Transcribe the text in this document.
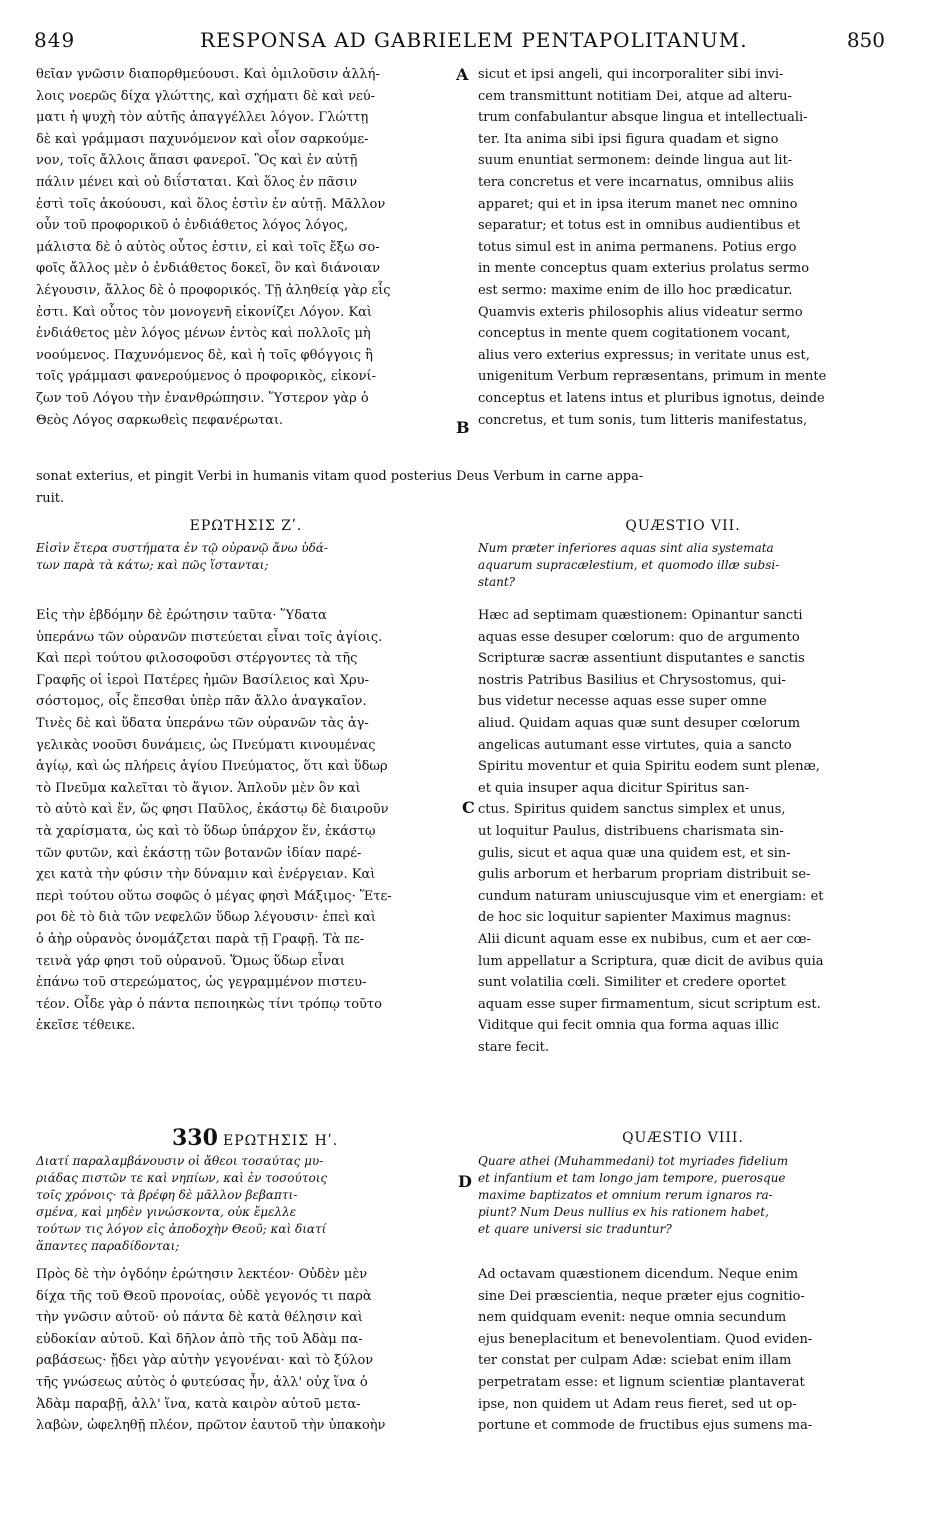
849	RESPONSA AD GABRIELEM PENTAPOLITANUM.	850
A
B
C
D
θεῖαν γνῶσιν διαπορθμεύουσι. Καὶ ὁμιλοῦσιν ἀλλή-
λοις νοερῶς δίχα γλώττης, καὶ σχήματι δὲ καὶ νεύ-
ματι ἡ ψυχὴ τὸν αὐτῆς ἀπαγγέλλει λόγον. Γλώττῃ
δὲ καὶ γράμμασι παχυνόμενον καὶ οἷον σαρκούμε-
νον, τοῖς ἄλλοις ἅπασι φανεροῖ. Ὃς καὶ ἐν αὐτῇ
πάλιν μένει καὶ οὐ διΐσταται. Καὶ ὅλος ἐν πᾶσιν
ἐστὶ τοῖς ἀκούουσι, καὶ ὅλος ἐστὶν ἐν αὐτῇ. Μᾶλλον
οὖν τοῦ προφορικοῦ ὁ ἐνδιάθετος λόγος λόγος,
μάλιστα δὲ ὁ αὐτὸς οὗτος ἐστιν, εἰ καὶ τοῖς ἔξω σο-
φοῖς ἄλλος μὲν ὁ ἐνδιάθετος δοκεῖ, ὃν καὶ διάνοιαν
λέγουσιν, ἄλλος δὲ ὁ προφορικός. Τῇ ἀληθείᾳ γὰρ εἷς
ἐστι. Καὶ οὗτος τὸν μονογενῆ εἰκονίζει Λόγον. Καὶ
ἐνδιάθετος μὲν λόγος μένων ἐντὸς καὶ πολλοῖς μὴ
νοούμενος. Παχυνόμενος δὲ, καὶ ἡ τοῖς φθόγγοις ἢ
τοῖς γράμμασι φανερούμενος ὁ προφορικὸς, εἰκονί-
ζων τοῦ Λόγου τὴν ἐνανθρώπησιν. Ὕστερον γὰρ ὁ
Θεὸς Λόγος σαρκωθεὶς πεφανέρωται.
sicut et ipsi angeli, qui incorporaliter sibi invi-
cem transmittunt notitiam Dei, atque ad alteru-
trum confabulantur absque lingua et intellectuali-
ter. Ita anima sibi ipsi figura quadam et signo
suum enuntiat sermonem: deinde lingua aut lit-
tera concretus et vere incarnatus, omnibus aliis
apparet; qui et in ipsa iterum manet nec omnino
separatur; et totus est in omnibus audientibus et
totus simul est in anima permanens. Potius ergo
in mente conceptus quam exterius prolatus sermo
est sermo: maxime enim de illo hoc prædicatur.
Quamvis exteris philosophis alius videatur sermo
conceptus in mente quem cogitationem vocant,
alius vero exterius expressus; in veritate unus est,
unigenitum Verbum repræsentans, primum in mente
conceptus et latens intus et pluribus ignotus, deinde
concretus, et tum sonis, tum litteris manifestatus,
sonat exterius, et pingit Verbi in humanis vitam quod posterius Deus Verbum in carne appa-
ruit.
ΕΡΩΤΗΣΙΣ Ζʹ.	QUÆSTIO VII.
Εἰσὶν ἕτερα συστήματα ἐν τῷ οὐρανῷ ἄνω ὑδά-
των παρὰ τὰ κάτω; καὶ πῶς ἵστανται;
Num præter inferiores aquas sint alia systemata
aquarum supracælestium, et quomodo illæ subsi-
stant?
Εἰς τὴν ἑβδόμην δὲ ἐρώτησιν ταῦτα· Ὕδατα
ὑπεράνω τῶν οὐρανῶν πιστεύεται εἶναι τοῖς ἁγίοις.
Καὶ περὶ τούτου φιλοσοφοῦσι στέργοντες τὰ τῆς
Γραφῆς οἱ ἱεροὶ Πατέρες ἡμῶν Βασίλειος καὶ Χρυ-
σόστομος, οἷς ἔπεσθαι ὑπὲρ πᾶν ἄλλο ἀναγκαῖον.
Τινὲς δὲ καὶ ὕδατα ὑπεράνω τῶν οὐρανῶν τὰς ἀγ-
γελικὰς νοοῦσι δυνάμεις, ὡς Πνεύματι κινουμένας
ἁγίῳ, καὶ ὡς πλήρεις ἁγίου Πνεύματος, ὅτι καὶ ὕδωρ
τὸ Πνεῦμα καλεῖται τὸ ἅγιον. Ἁπλοῦν μὲν ὂν καὶ
τὸ αὐτὸ καὶ ἕν, ὥς φησι Παῦλος, ἑκάστῳ δὲ διαιροῦν
τὰ χαρίσματα, ὡς καὶ τὸ ὕδωρ ὑπάρχον ἕν, ἑκάστῳ
τῶν φυτῶν, καὶ ἑκάστῃ τῶν βοτανῶν ἰδίαν παρέ-
χει κατὰ τὴν φύσιν τὴν δύναμιν καὶ ἐνέργειαν. Καὶ
περὶ τούτου οὕτω σοφῶς ὁ μέγας φησὶ Μάξιμος· Ἕτε-
ροι δὲ τὸ διὰ τῶν νεφελῶν ὕδωρ λέγουσιν· ἐπεὶ καὶ
ὁ ἀὴρ οὐρανὸς ὀνομάζεται παρὰ τῇ Γραφῇ. Τὰ πε-
τεινὰ γάρ φησι τοῦ οὐρανοῦ. Ὅμως ὕδωρ εἶναι
ἐπάνω τοῦ στερεώματος, ὡς γεγραμμένον πιστευ-
τέον. Οἶδε γὰρ ὁ πάντα πεποιηκὼς τίνι τρόπῳ τοῦτο
ἐκεῖσε τέθεικε.
Hæc ad septimam quæstionem: Opinantur sancti
aquas esse desuper cœlorum: quo de argumento
Scripturæ sacræ assentiunt disputantes e sanctis
nostris Patribus Basilius et Chrysostomus, qui-
bus videtur necesse aquas esse super omne
aliud. Quidam aquas quæ sunt desuper cœlorum
angelicas autumant esse virtutes, quia a sancto
Spiritu moventur et quia Spiritu eodem sunt plenæ,
et quia insuper aqua dicitur Spiritus san-
ctus. Spiritus quidem sanctus simplex et unus,
ut loquitur Paulus, distribuens charismata sin-
gulis, sicut et aqua quæ una quidem est, et sin-
gulis arborum et herbarum propriam distribuit se-
cundum naturam uniuscujusque vim et energiam: et
de hoc sic loquitur sapienter Maximus magnus:
Alii dicunt aquam esse ex nubibus, cum et aer cœ-
lum appellatur a Scriptura, quæ dicit de avibus quia
sunt volatilia cœli. Similiter et credere oportet
aquam esse super firmamentum, sicut scriptum est.
Viditque qui fecit omnia qua forma aquas illic
stare fecit.
330 ΕΡΩΤΗΣΙΣ Ηʹ.	QUÆSTIO VIII.
Διατί παραλαμβάνουσιν οἱ ἄθεοι τοσαύτας μυ-
ριάδας πιστῶν τε καὶ νηπίων, καὶ ἐν τοσούτοις
τοῖς χρόνοις· τὰ βρέφη δὲ μᾶλλον βεβαπτι-
σμένα, καὶ μηδὲν γινώσκοντα, οὐκ ἔμελλε
τούτων τις λόγον εἰς ἀποδοχὴν Θεοῦ; καὶ διατί
ἅπαντες παραδίδονται;
Quare athei (Muhammedani) tot myriades fidelium
et infantium et tam longo jam tempore, puerosque
maxime baptizatos et omnium rerum ignaros ra-
piunt? Num Deus nullius ex his rationem habet,
et quare universi sic traduntur?
Πρὸς δὲ τὴν ὀγδόην ἐρώτησιν λεκτέον· Οὐδὲν μὲν
δίχα τῆς τοῦ Θεοῦ προνοίας, οὐδὲ γεγονός τι παρὰ
τὴν γνῶσιν αὐτοῦ· οὐ πάντα δὲ κατὰ θέλησιν καὶ
εὐδοκίαν αὐτοῦ. Καὶ δῆλον ἀπὸ τῆς τοῦ Ἀδὰμ πα-
ραβάσεως· ᾔδει γὰρ αὐτὴν γεγονέναι· καὶ τὸ ξύλον
τῆς γνώσεως αὐτὸς ὁ φυτεύσας ἦν, ἀλλ' οὐχ ἵνα ὁ
Ἀδὰμ παραβῇ, ἀλλ' ἵνα, κατὰ καιρὸν αὐτοῦ μετα-
λαβὼν, ὠφεληθῇ πλέον, πρῶτον ἑαυτοῦ τὴν ὑπακοὴν
Ad octavam quæstionem dicendum. Neque enim
sine Dei præscientia, neque præter ejus cognitio-
nem quidquam evenit: neque omnia secundum
ejus beneplacitum et benevolentiam. Quod eviden-
ter constat per culpam Adæ: sciebat enim illam
perpetratam esse: et lignum scientiæ plantaverat
ipse, non quidem ut Adam reus fieret, sed ut op-
portune et commode de fructibus ejus sumens ma-
